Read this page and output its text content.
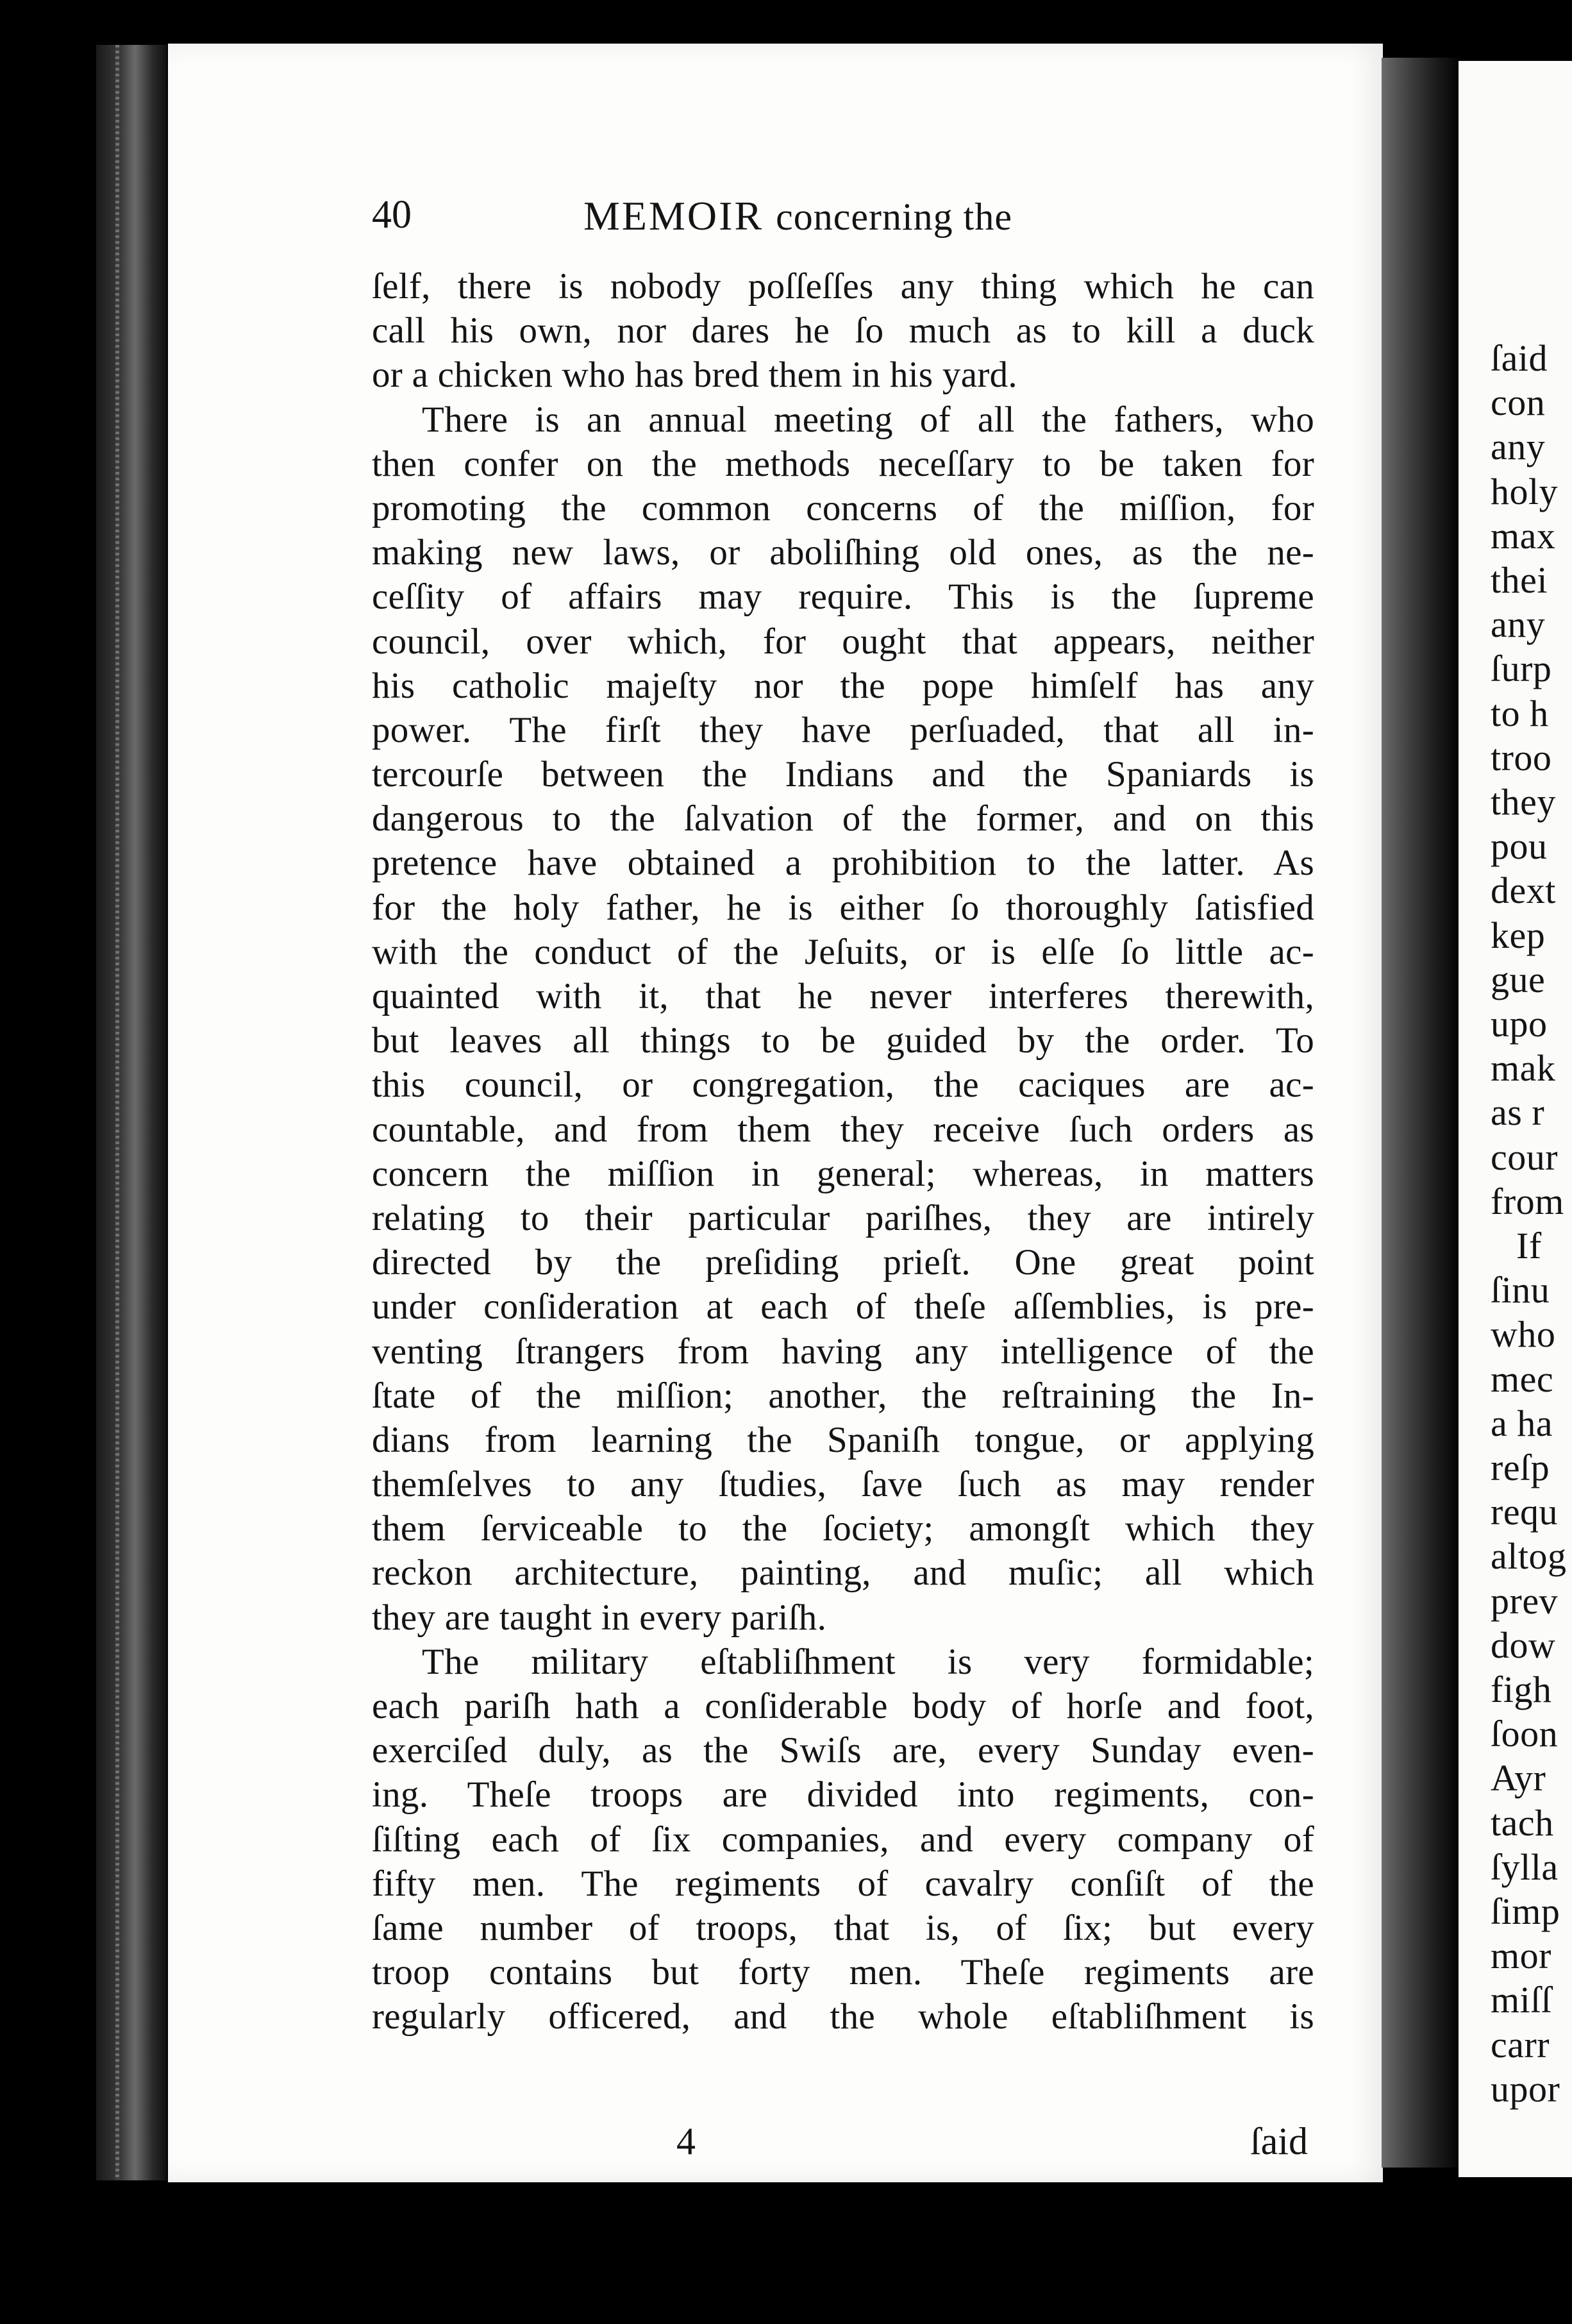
ſaid
con
any
holy
max
thei
any
ſurp
to h
troo
they
pou
dext
kep
gue
upo
mak
as r
cour
from
If
ſinu
who
mec
a ha
reſp
requ
altog
prev
dow
figh
ſoon
Ayr
tach
ſylla
ſimp
mor
miſſ
carr
upor
40	MEMOIR concerning the
ſelf, there is nobody poſſeſſes any thing which he can
call his own, nor dares he ſo much as to kill a duck
or a chicken who has bred them in his yard.
There is an annual meeting of all the fathers, who
then confer on the methods neceſſary to be taken for
promoting the common concerns of the miſſion, for
making new laws, or aboliſhing old ones, as the ne-
ceſſity of affairs may require. This is the ſupreme
council, over which, for ought that appears, neither
his catholic majeſty nor the pope himſelf has any
power. The firſt they have perſuaded, that all in-
tercourſe between the Indians and the Spaniards is
dangerous to the ſalvation of the former, and on this
pretence have obtained a prohibition to the latter. As
for the holy father, he is either ſo thoroughly ſatisfied
with the conduct of the Jeſuits, or is elſe ſo little ac-
quainted with it, that he never interferes therewith,
but leaves all things to be guided by the order. To
this council, or congregation, the caciques are ac-
countable, and from them they receive ſuch orders as
concern the miſſion in general; whereas, in matters
relating to their particular pariſhes, they are intirely
directed by the preſiding prieſt. One great point
under conſideration at each of theſe aſſemblies, is pre-
venting ſtrangers from having any intelligence of the
ſtate of the miſſion; another, the reſtraining the In-
dians from learning the Spaniſh tongue, or applying
themſelves to any ſtudies, ſave ſuch as may render
them ſerviceable to the ſociety; amongſt which they
reckon architecture, painting, and muſic; all which
they are taught in every pariſh.
The military eſtabliſhment is very formidable;
each pariſh hath a conſiderable body of horſe and foot,
exerciſed duly, as the Swiſs are, every Sunday even-
ing. Theſe troops are divided into regiments, con-
ſiſting each of ſix companies, and every company of
fifty men. The regiments of cavalry conſiſt of the
ſame number of troops, that is, of ſix; but every
troop contains but forty men. Theſe regiments are
regularly officered, and the whole eſtabliſhment is
4	ſaid
